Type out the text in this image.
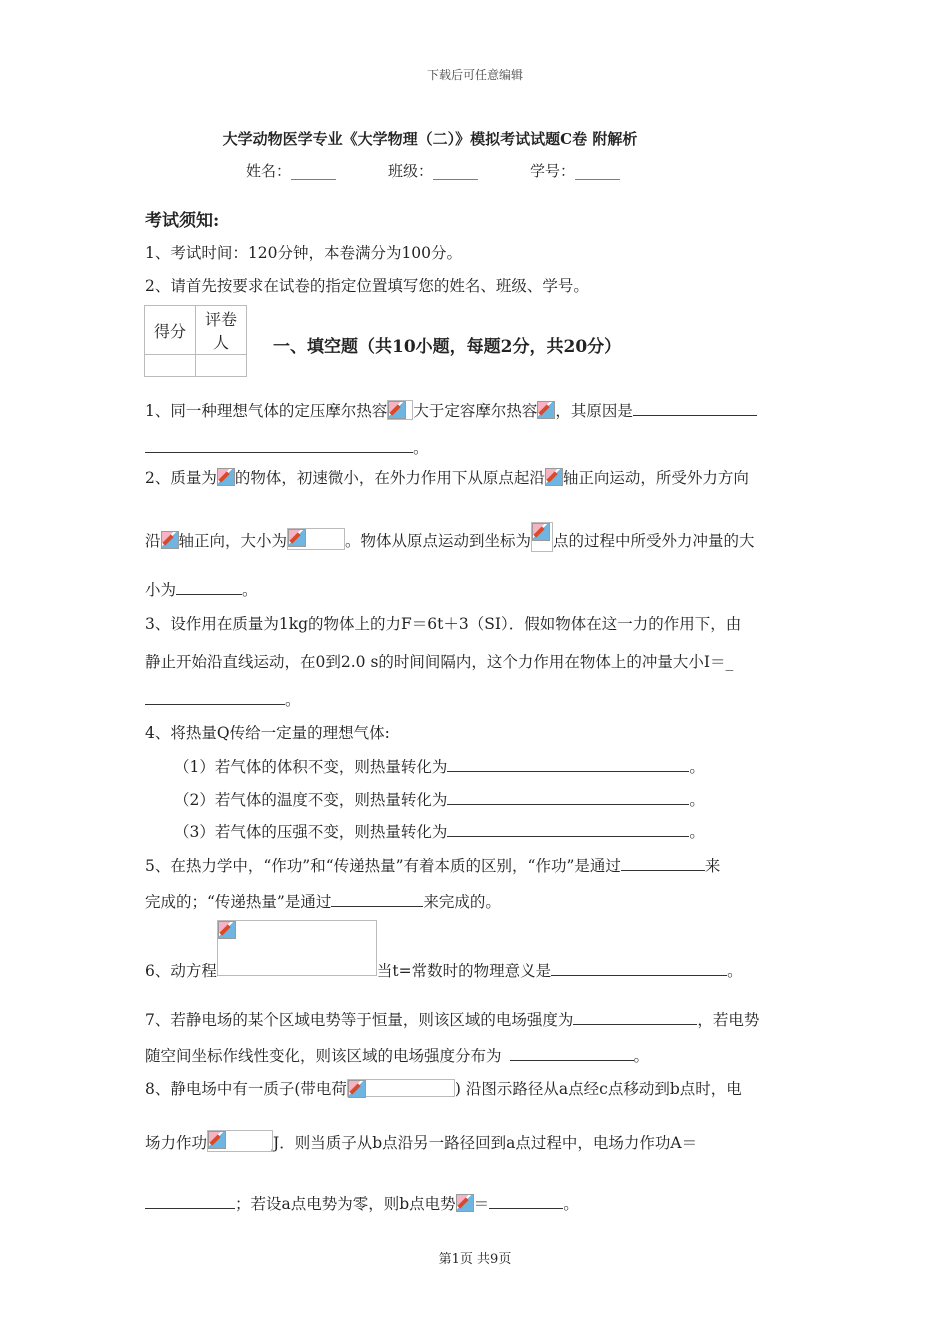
下载后可任意编辑
大学动物医学专业《大学物理（二）》模拟考试试题C卷 附解析
姓名：______	班级：______	学号：______
考试须知:
1、考试时间：120分钟，本卷满分为100分。
2、请首先按要求在试卷的指定位置填写您的姓名、班级、学号。
得分	评卷人
		一、填空题（共10小题，每题2分，共20分）
1、同一种理想气体的定压摩尔热容 大于定容摩尔热容 ，其原因是
。
2、质量为 的物体，初速微小，在外力作用下从原点起沿 轴正向运动，所受外力方向
沿 轴正向，大小为	。物体从原点运动到坐标为 点的过程中所受外力冲量的大
小为	。
3、设作用在质量为1kg的物体上的力F＝6t＋3（SI）．假如物体在这一力的作用下，由
静止开始沿直线运动，在0到2.0 s的时间间隔内，这个力作用在物体上的冲量大小I＝_
。
4、将热量Q传给一定量的理想气体:
（1）若气体的体积不变，则热量转化为	。
（2）若气体的温度不变，则热量转化为	。
（3）若气体的压强不变，则热量转化为	。
5、在热力学中，“作功”和“传递热量”有着本质的区别，“作功”是通过	来
完成的；“传递热量”是通过	来完成的。
6、动方程	当t=常数时的物理意义是	。
7、若静电场的某个区域电势等于恒量，则该区域的电场强度为	，若电势
随空间坐标作线性变化，则该区域的电场强度分布为	。
8、静电场中有一质子(带电荷	) 沿图示路径从a点经c点移动到b点时，电
场力作功	J．则当质子从b点沿另一路径回到a点过程中，电场力作功A＝
；若设a点电势为零，则b点电势 ＝	。
第1页 共9页
